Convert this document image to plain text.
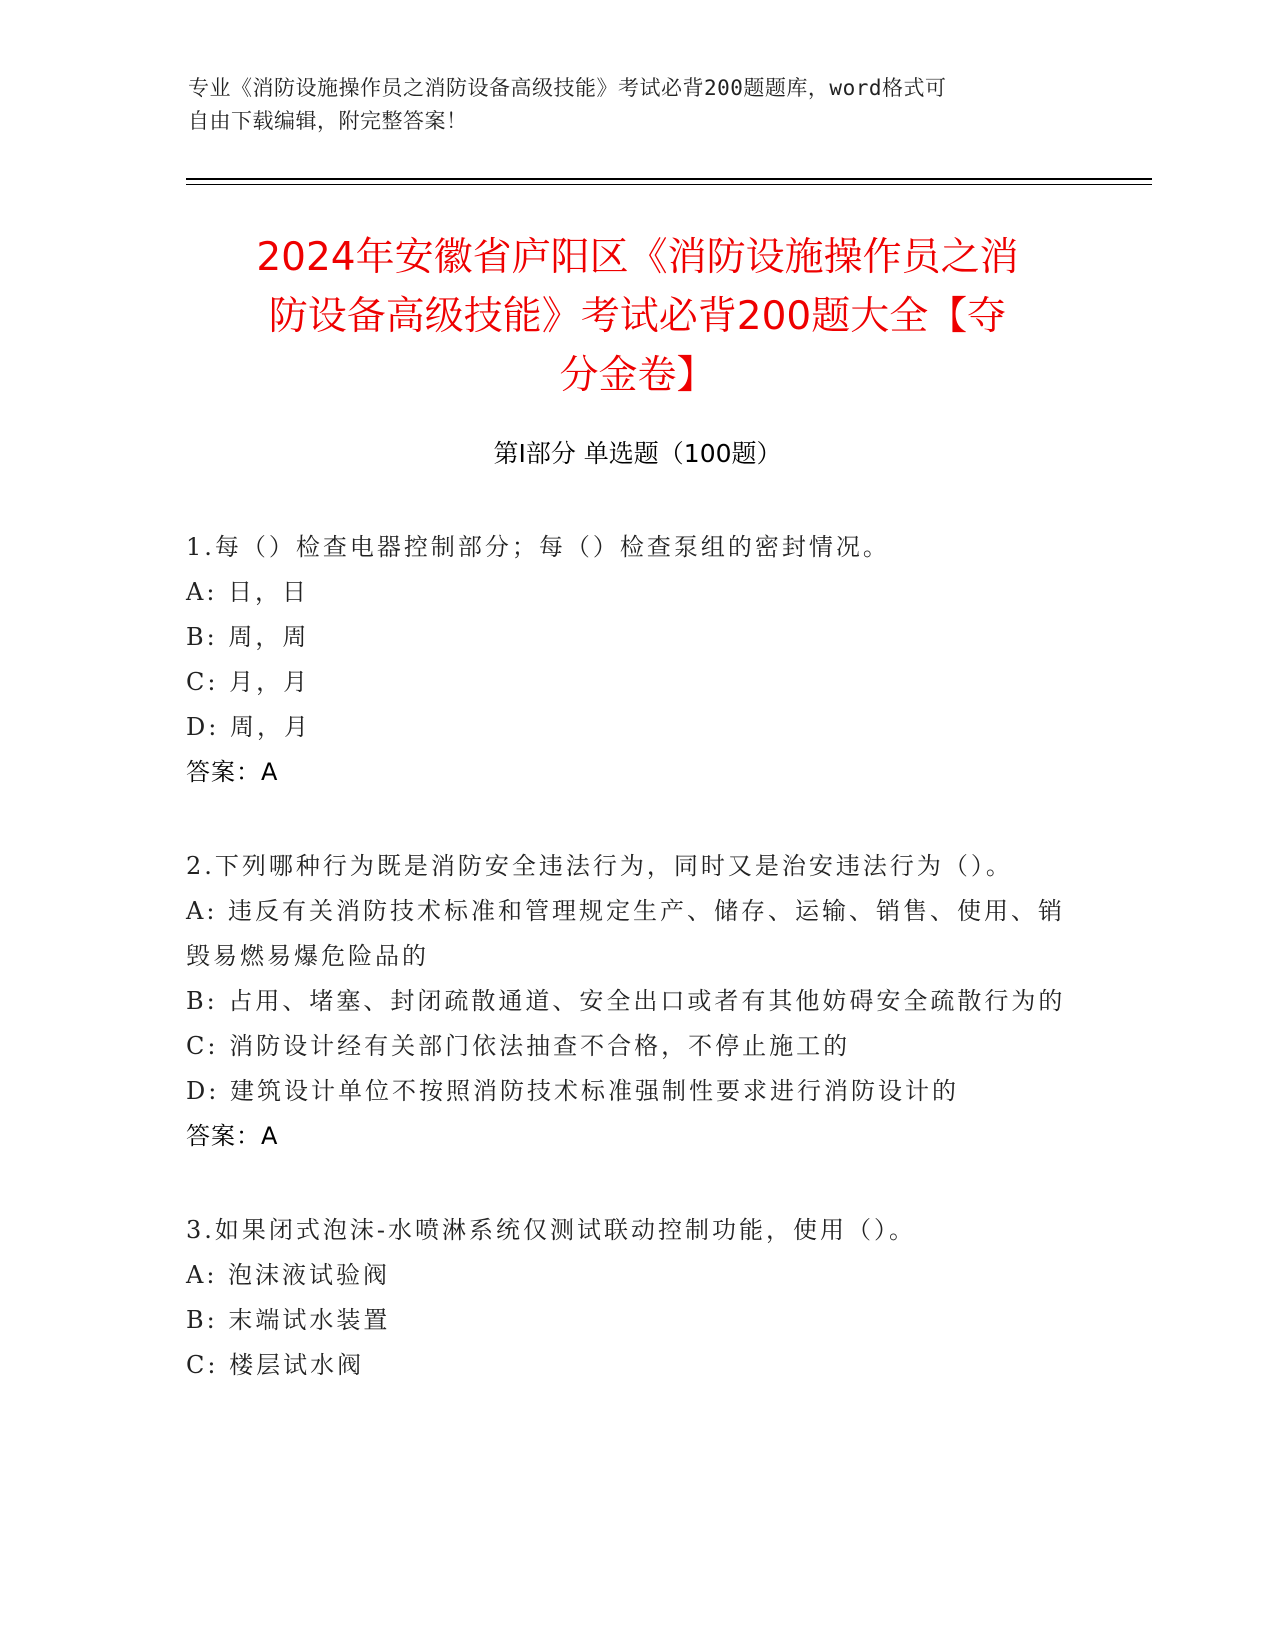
专业《消防设施操作员之消防设备高级技能》考试必背200题题库，word格式可
自由下载编辑，附完整答案！
2024年安徽省庐阳区《消防设施操作员之消
防设备高级技能》考试必背200题大全【夺
分金卷】
第Ⅰ部分 单选题（100题）
1.每（）检查电器控制部分；每（）检查泵组的密封情况。
A: 日，日
B: 周，周
C: 月，月
D: 周，月
答案：A
2.下列哪种行为既是消防安全违法行为，同时又是治安违法行为（）。
A: 违反有关消防技术标准和管理规定生产、储存、运输、销售、使用、销毁易燃易爆危险品的
B: 占用、堵塞、封闭疏散通道、安全出口或者有其他妨碍安全疏散行为的
C: 消防设计经有关部门依法抽查不合格，不停止施工的
D: 建筑设计单位不按照消防技术标准强制性要求进行消防设计的
答案：A
3.如果闭式泡沫-水喷淋系统仅测试联动控制功能，使用（）。
A: 泡沫液试验阀
B: 末端试水装置
C: 楼层试水阀
